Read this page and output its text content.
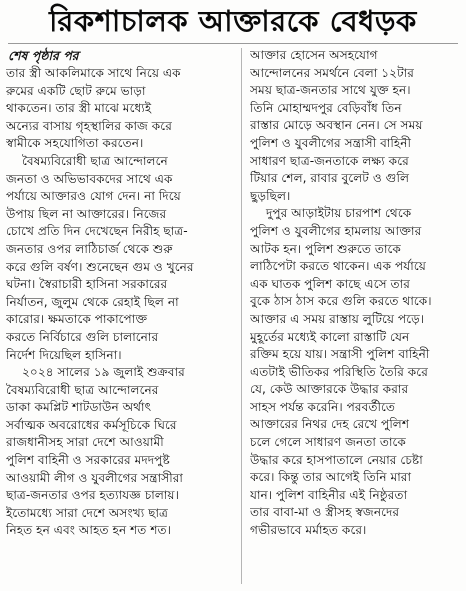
রিকশাচালক আক্তারকে বেধড়ক
শেষ পৃষ্ঠার পর
তার স্ত্রী আকলিমাকে সাথে নিয়ে এক
রুমের একটি ছোট রুমে ভাড়া
থাকতেন। তার স্ত্রী মাঝে মধ্যেই
অন্যের বাসায় গৃহস্থালির কাজ করে
স্বামীকে সহযোগিতা করতেন।
বৈষম্যবিরোধী ছাত্র আন্দোলনে
জনতা ও অভিভাবকদের সাথে এক
পর্যায়ে আক্তারও যোগ দেন। না দিয়ে
উপায় ছিল না আক্তারের। নিজের
চোখে প্রতি দিন দেখেছেন নিরীহ ছাত্র-
জনতার ওপর লাঠিচার্জ থেকে শুরু
করে গুলি বর্ষণ। শুনেছেন গুম ও খুনের
ঘটনা। স্বৈরাচারী হাসিনা সরকারের
নির্যাতন, জুলুম থেকে রেহাই ছিল না
কারোর। ক্ষমতাকে পাকাপোক্ত
করতে নির্বিচারে গুলি চালানোর
নির্দেশ দিয়েছিল হাসিনা।
২০২৪ সালের ১৯ জুলাই শুক্রবার
বৈষম্যবিরোধী ছাত্র আন্দোলনের
ডাকা কমপ্লিট শাটডাউন অর্থাৎ
সর্বাত্মক অবরোধের কর্মসূচিকে ঘিরে
রাজধানীসহ সারা দেশে আওয়ামী
পুলিশ বাহিনী ও সরকারের মদদপুষ্ট
আওয়ামী লীগ ও যুবলীগের সন্ত্রাসীরা
ছাত্র-জনতার ওপর হত্যাযজ্ঞ চালায়।
ইতোমধ্যে সারা দেশে অসংখ্য ছাত্র
নিহত হন এবং আহত হন শত শত।
আক্তার হোসেন অসহযোগ
আন্দোলনের সমর্থনে বেলা ১২টার
সময় ছাত্র-জনতার সাথে যুক্ত হন।
তিনি মোহাম্মদপুর বেড়িবাঁধ তিন
রাস্তার মোড়ে অবস্থান নেন। সে সময়
পুলিশ ও যুবলীগের সন্ত্রাসী বাহিনী
সাধারণ ছাত্র-জনতাকে লক্ষ্য করে
টিয়ার শেল, রাবার বুলেট ও গুলি
ছুড়ছিল।
দুপুর আড়াইটায় চারপাশ থেকে
পুলিশ ও যুবলীগের হামলায় আক্তার
আটক হন। পুলিশ শুরুতে তাকে
লাঠিপেটা করতে থাকেন। এক পর্যায়ে
এক ঘাতক পুলিশ কাছে এসে তার
বুকে ঠাস ঠাস করে গুলি করতে থাকে।
আক্তার এ সময় রাস্তায় লুটিয়ে পড়ে।
মুহূর্তের মধ্যেই কালো রাস্তাটি যেন
রক্তিম হয়ে যায়। সন্ত্রাসী পুলিশ বাহিনী
এতটাই ভীতিকর পরিস্থিতি তৈরি করে
যে, কেউ আক্তারকে উদ্ধার করার
সাহস পর্যন্ত করেনি। পরবর্তীতে
আক্তারের নিথর দেহ রেখে পুলিশ
চলে গেলে সাধারণ জনতা তাকে
উদ্ধার করে হাসপাতালে নেয়ার চেষ্টা
করে। কিন্তু তার আগেই তিনি মারা
যান। পুলিশ বাহিনীর এই নিষ্ঠুরতা
তার বাবা-মা ও স্ত্রীসহ স্বজনদের
গভীরভাবে মর্মাহত করে।
